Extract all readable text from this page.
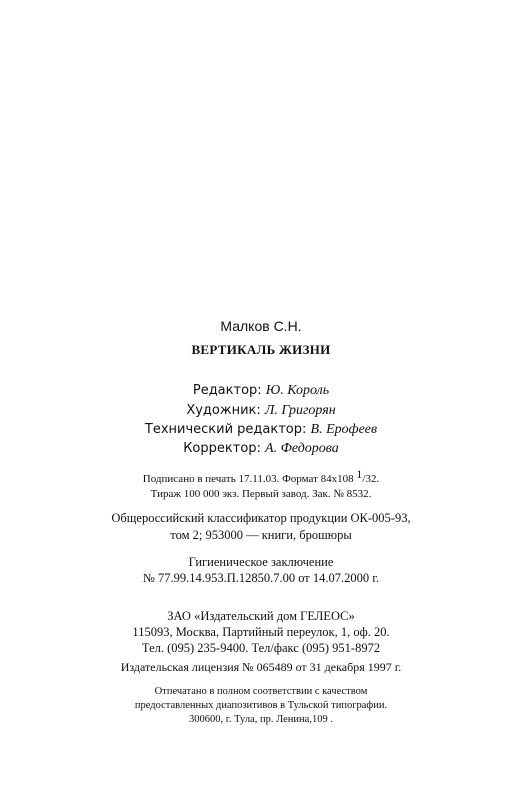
Малков С.Н.
ВЕРТИКАЛЬ ЖИЗНИ
Редактор: Ю. Король
Художник: Л. Григорян
Технический редактор: В. Ерофеев
Корректор: А. Федорова
Подписано в печать 17.11.03. Формат 84х108 1/32.
Тираж 100 000 экз. Первый завод. Зак. № 8532.
Общероссийский классификатор продукции ОК-005-93,
том 2; 953000 — книги, брошюры
Гигиеническое заключение
№ 77.99.14.953.П.12850.7.00 от 14.07.2000 г.
ЗАО «Издательский дом ГЕЛЕОС»
115093, Москва, Партийный переулок, 1, оф. 20.
Тел. (095) 235-9400. Тел/факс (095) 951-8972
Издательская лицензия № 065489 от 31 декабря 1997 г.
Отпечатано в полном соответствии с качеством
предоставленных диапозитивов в Тульской типографии.
300600, г. Тула, пр. Ленина,109 .
